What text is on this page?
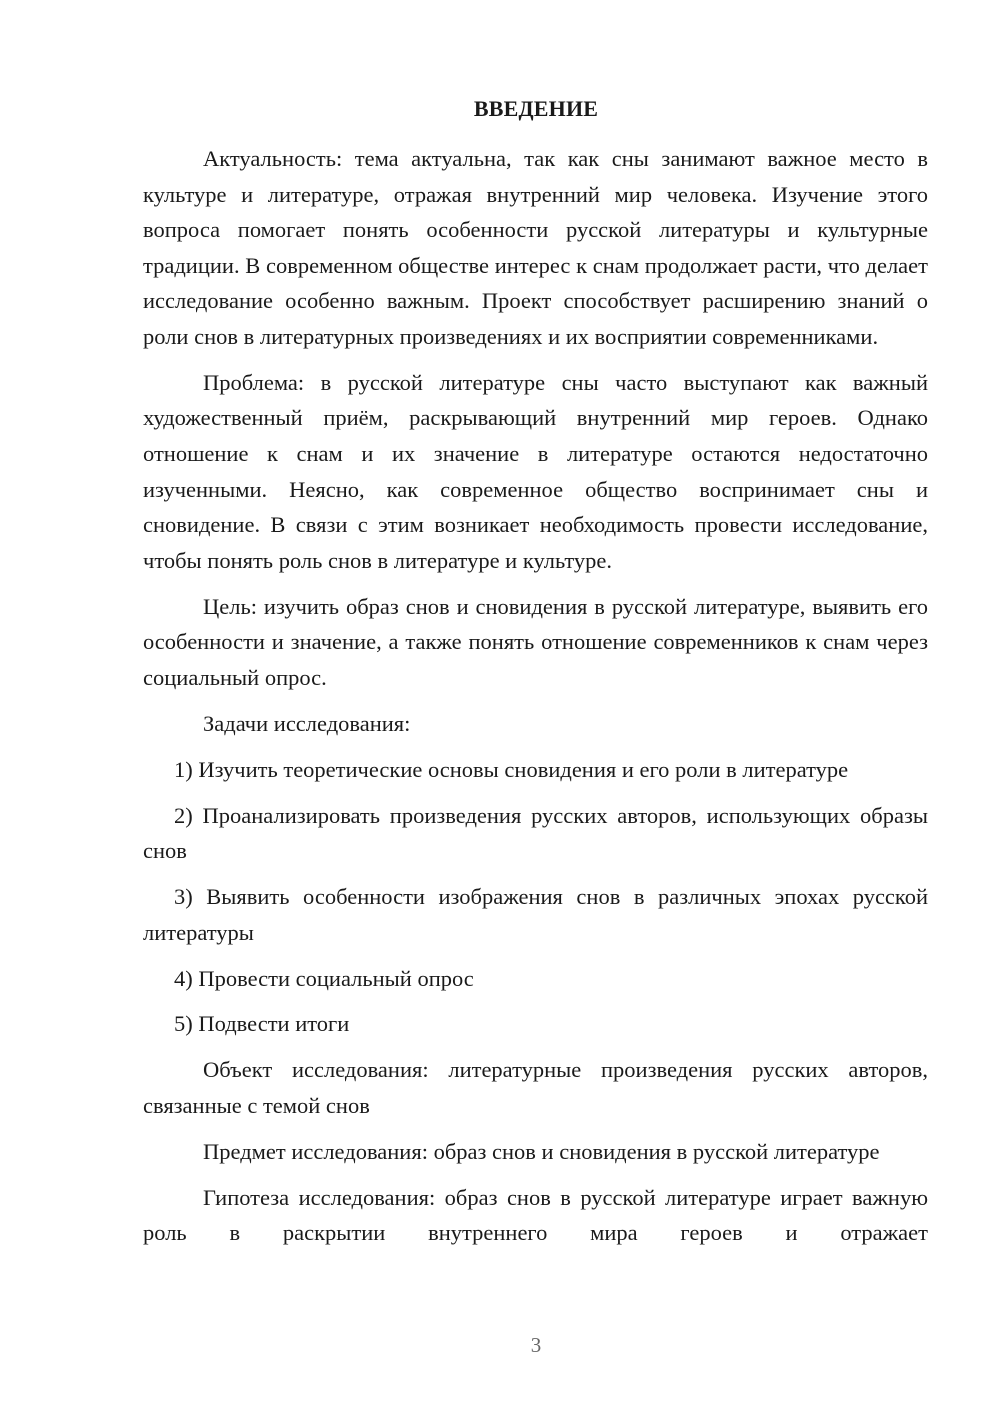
ВВЕДЕНИЕ

Актуальность: тема актуальна, так как сны занимают важное место в культуре и литературе, отражая внутренний мир человека. Изучение этого вопроса помогает понять особенности русской литературы и культурные традиции. В современном обществе интерес к снам продолжает расти, что делает исследование особенно важным. Проект способствует расширению знаний о роли снов в литературных произведениях и их восприятии современниками.

Проблема: в русской литературе сны часто выступают как важный художественный приём, раскрывающий внутренний мир героев. Однако отношение к снам и их значение в литературе остаются недостаточно изученными. Неясно, как современное общество воспринимает сны и сновидение. В связи с этим возникает необходимость провести исследование, чтобы понять роль снов в литературе и культуре.

Цель: изучить образ снов и сновидения в русской литературе, выявить его особенности и значение, а также понять отношение современников к снам через социальный опрос.

Задачи исследования:

1) Изучить теоретические основы сновидения и его роли в литературе

2) Проанализировать произведения русских авторов, использующих образы снов

3) Выявить особенности изображения снов в различных эпохах русской литературы

4) Провести социальный опрос

5) Подвести итоги

Объект исследования: литературные произведения русских авторов, связанные с темой снов

Предмет исследования: образ снов и сновидения в русской литературе

Гипотеза исследования: образ снов в русской литературе играет важную роль в раскрытии внутреннего мира героев и отражает

3
